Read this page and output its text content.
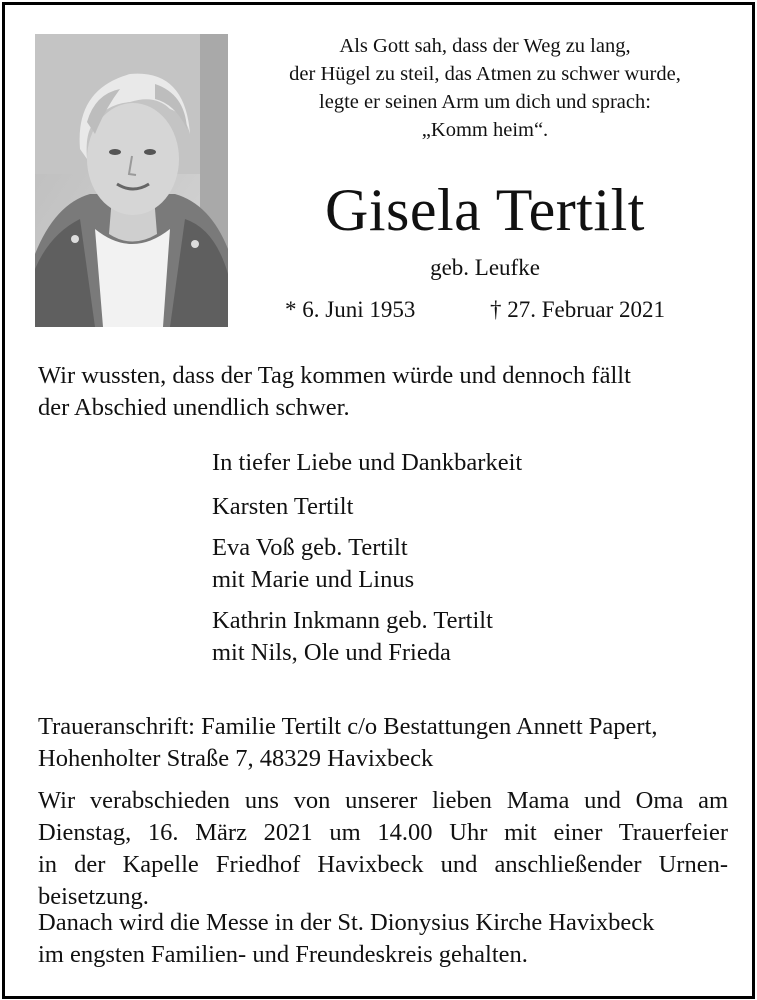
Als Gott sah, dass der Weg zu lang,
der Hügel zu steil, das Atmen zu schwer wurde,
legte er seinen Arm um dich und sprach:
„Komm heim“.
Gisela Tertilt
geb. Leufke
* 6. Juni 1953	† 27. Februar 2021
Wir wussten, dass der Tag kommen würde und dennoch fällt
der Abschied unendlich schwer.
In tiefer Liebe und Dankbarkeit
Karsten Tertilt
Eva Voß geb. Tertilt
mit Marie und Linus
Kathrin Inkmann geb. Tertilt
mit Nils, Ole und Frieda
Traueranschrift: Familie Tertilt c/o Bestattungen Annett Papert,
Hohenholter Straße 7, 48329 Havixbeck
Wir verabschieden uns von unserer lieben Mama und Oma am
Dienstag, 16. März 2021 um 14.00 Uhr mit einer Trauerfeier
in der Kapelle Friedhof Havixbeck und anschließender Urnen-
beisetzung.
Danach wird die Messe in der St. Dionysius Kirche Havixbeck
im engsten Familien- und Freundeskreis gehalten.
